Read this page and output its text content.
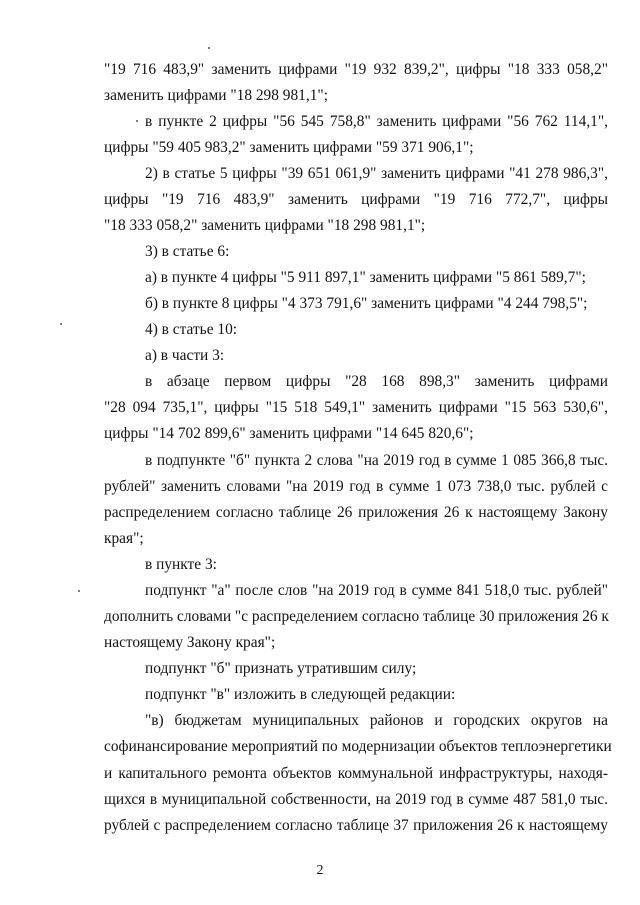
"19 716 483,9" заменить цифрами "19 932 839,2", цифры "18 333 058,2"
заменить цифрами "18 298 981,1";
в пункте 2 цифры "56 545 758,8" заменить цифрами "56 762 114,1",
цифры "59 405 983,2" заменить цифрами "59 371 906,1";
2) в статье 5 цифры "39 651 061,9" заменить цифрами "41 278 986,3",
цифры "19 716 483,9" заменить цифрами "19 716 772,7", цифры
"18 333 058,2" заменить цифрами "18 298 981,1";
3) в статье 6:
а) в пункте 4 цифры "5 911 897,1" заменить цифрами "5 861 589,7";
б) в пункте 8 цифры "4 373 791,6" заменить цифрами "4 244 798,5";
4) в статье 10:
а) в части 3:
в абзаце первом цифры "28 168 898,3" заменить цифрами
"28 094 735,1", цифры "15 518 549,1" заменить цифрами "15 563 530,6",
цифры "14 702 899,6" заменить цифрами "14 645 820,6";
в подпункте "б" пункта 2 слова "на 2019 год в сумме 1 085 366,8 тыс.
рублей" заменить словами "на 2019 год в сумме 1 073 738,0 тыс. рублей с
распределением согласно таблице 26 приложения 26 к настоящему Закону
края";
в пункте 3:
подпункт "а" после слов "на 2019 год в сумме 841 518,0 тыс. рублей"
дополнить словами "с распределением согласно таблице 30 приложения 26 к
настоящему Закону края";
подпункт "б" признать утратившим силу;
подпункт "в" изложить в следующей редакции:
"в) бюджетам муниципальных районов и городских округов на
софинансирование мероприятий по модернизации объектов теплоэнергетики
и капитального ремонта объектов коммунальной инфраструктуры, находя-
щихся в муниципальной собственности, на 2019 год в сумме 487 581,0 тыс.
рублей с распределением согласно таблице 37 приложения 26 к настоящему
2
